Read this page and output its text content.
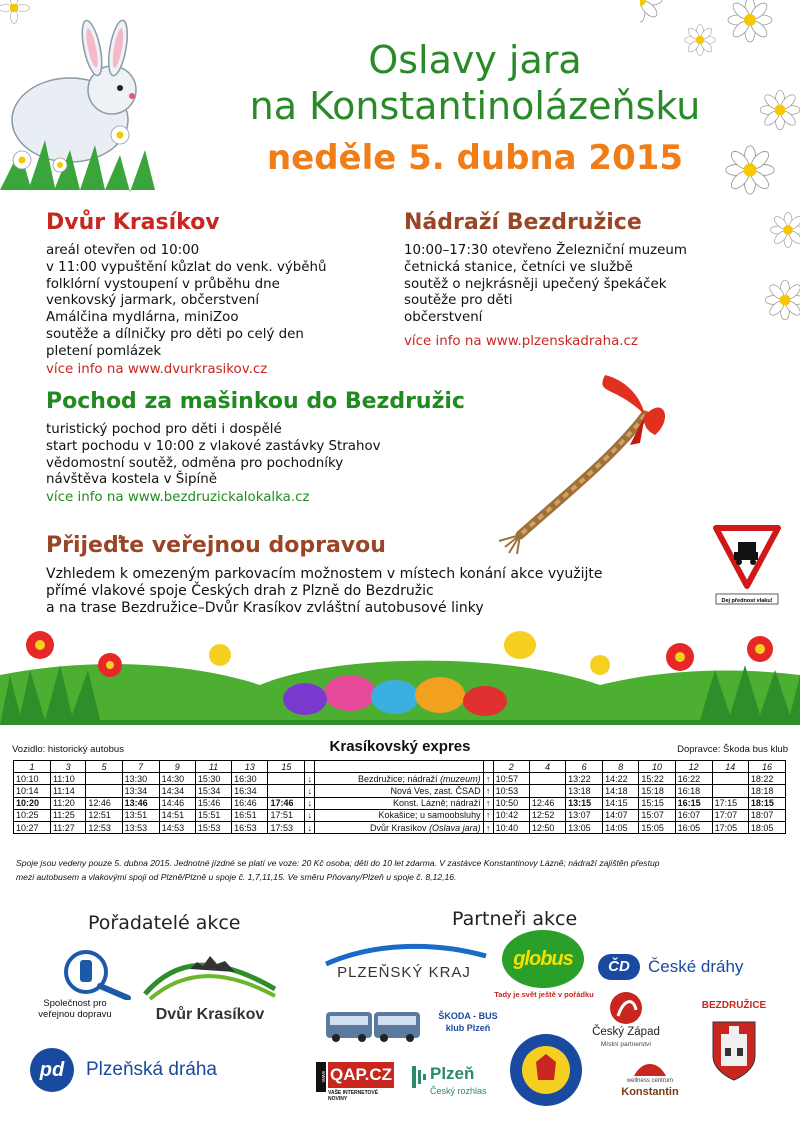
Oslavy jara
na Konstantinolázeňsku
neděle 5. dubna 2015
Dvůr Krasíkov
areál otevřen od 10:00
v 11:00 vypuštění kůzlat do venk. výběhů
folklórní vystoupení v průběhu dne
venkovský jarmark, občerstvení
Amálčina mydlárna, miniZoo
soutěže a dílničky pro děti po celý den
pletení pomlázek
více info na www.dvurkrasikov.cz
Nádraží Bezdružice
10:00–17:30 otevřeno Železniční muzeum
četnická stanice, četníci ve službě
soutěž o nejkrásněji upečený špekáček
soutěže pro děti
občerstvení
více info na www.plzenskadraha.cz
Pochod za mašinkou do Bezdružic
turistický pochod pro děti i dospělé
start pochodu v 10:00 z vlakové zastávky Strahov
vědomostní soutěž, odměna pro pochodníky
návštěva kostela v Šipíně
více info na www.bezdruzickalokalka.cz
Přijeďte veřejnou dopravou
Vzhledem k omezeným parkovacím možnostem v místech konání akce využijte
přímé vlakové spoje Českých drah z Plzně do Bezdružic
a na trase Bezdružice–Dvůr Krasíkov zvláštní autobusové linky	Dej přednost vlaku!
Vozidlo: historický autobus	Krasíkovský expres	Dopravce: Škoda bus klub
1	3	5	7	9	11	13	15				2	4	6	8	10	12	14	16
10:10	11:10		13:30	14:30	15:30	16:30		↓	Bezdružice; nádraží (muzeum)	↑	10:57		13:22	14:22	15:22	16:22		18:22
10:14	11:14		13:34	14:34	15:34	16:34		↓	Nová Ves, zast. ČSAD	↑	10:53		13:18	14:18	15:18	16:18		18:18
10:20	11:20	12:46	13:46	14:46	15:46	16:46	17:46	↓	Konst. Lázně; nádraží	↑	10:50	12:46	13:15	14:15	15:15	16:15	17:15	18:15
10:25	11:25	12:51	13:51	14:51	15:51	16:51	17:51	↓	Kokašice; u samoobsluhy	↑	10:42	12:52	13:07	14:07	15:07	16:07	17:07	18:07
10:27	11:27	12:53	13:53	14:53	15:53	16:53	17:53	↓	Dvůr Krasíkov (Oslava jara)	↑	10:40	12:50	13:05	14:05	15:05	16:05	17:05	18:05
Spoje jsou vedeny pouze 5. dubna 2015. Jednotné jízdné se platí ve voze: 20 Kč osoba; děti do 10 let zdarma. V zastávce Konstantinovy Lázně; nádraží zajištěn přestup
mezi autobusem a vlakovými spoji od Plzně/Plzně u spoje č. 1,7,11,15. Ve směru Pňovany/Plzeň u spoje č. 8,12,16.
Pořadatelé akce	Partneři akce
Společnost pro
veřejnou dopravu	Dvůr Krasíkov
pd	Plzeňská dráha
PLZEŇSKÝ KRAJ
globus
Tady je svět ještě v pořádku
ČD	České dráhy
ŠKODA - BUS
klub Plzeň	Český Západ
Místní partnerství
BEZDRUŽICE
www. QAP.CZ
VAŠE INTERNETOVÉ NOVINY
Plzeň
Český rozhlas
wellness centrum
Konstantin
